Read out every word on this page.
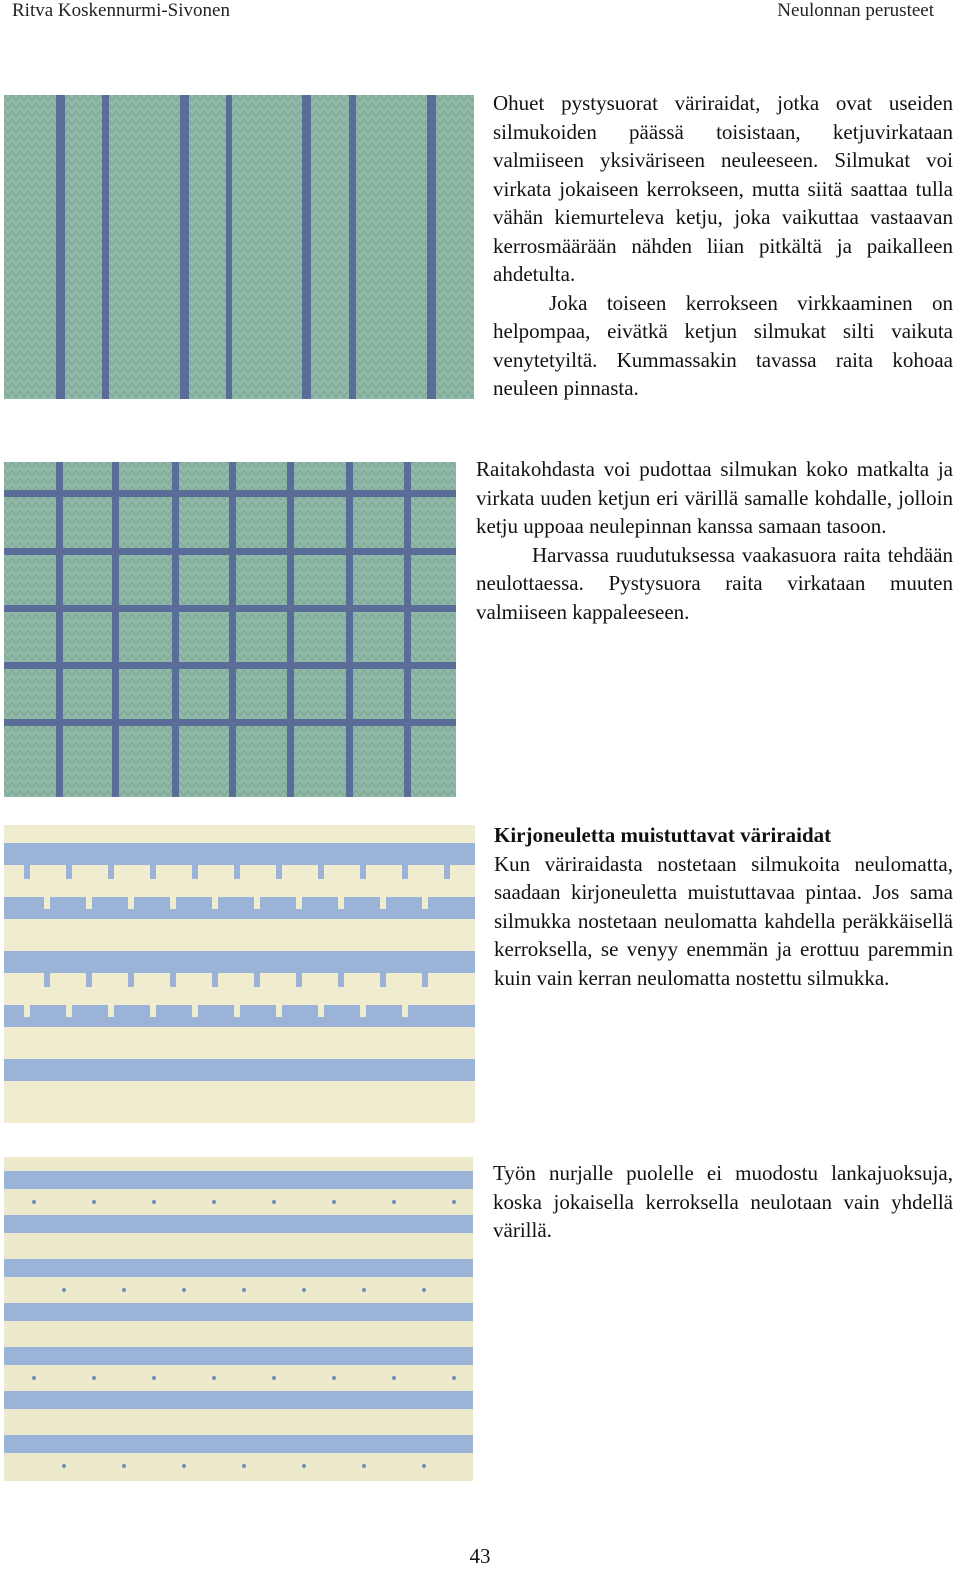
Ritva Koskennurmi-Sivonen	Neulonnan perusteet

Ohuet pystysuorat väriraidat, jotka ovat useiden silmukoiden päässä toisistaan, ketjuvirkataan valmiiseen yksiväriseen neuleeseen. Silmukat voi virkata jokaiseen kerrokseen, mutta siitä saattaa tulla vähän kiemurteleva ketju, joka vaikuttaa vastaavan kerrosmäärään nähden liian pitkältä ja paikalleen ahdetulta.

Joka toiseen kerrokseen virkkaaminen on helpompaa, eivätkä ketjun silmukat silti vaikuta venytetyiltä. Kummassakin tavassa raita kohoaa neuleen pinnasta.

Raitakohdasta voi pudottaa silmukan koko matkalta ja virkata uuden ketjun eri värillä samalle kohdalle, jolloin ketju uppoaa neulepinnan kanssa samaan tasoon.

Harvassa ruudutuksessa vaakasuora raita tehdään neulottaessa. Pystysuora raita virkataan muuten valmiiseen kappaleeseen.

Kirjoneuletta muistuttavat väriraidat

Kun väriraidasta nostetaan silmukoita neulomatta, saadaan kirjoneuletta muistuttavaa pintaa. Jos sama silmukka nostetaan neulomatta kahdella peräkkäisellä kerroksella, se venyy enemmän ja erottuu paremmin kuin vain kerran neulomatta nostettu silmukka.

Työn nurjalle puolelle ei muodostu lankajuoksuja, koska jokaisella kerroksella neulotaan vain yhdellä värillä.

43
